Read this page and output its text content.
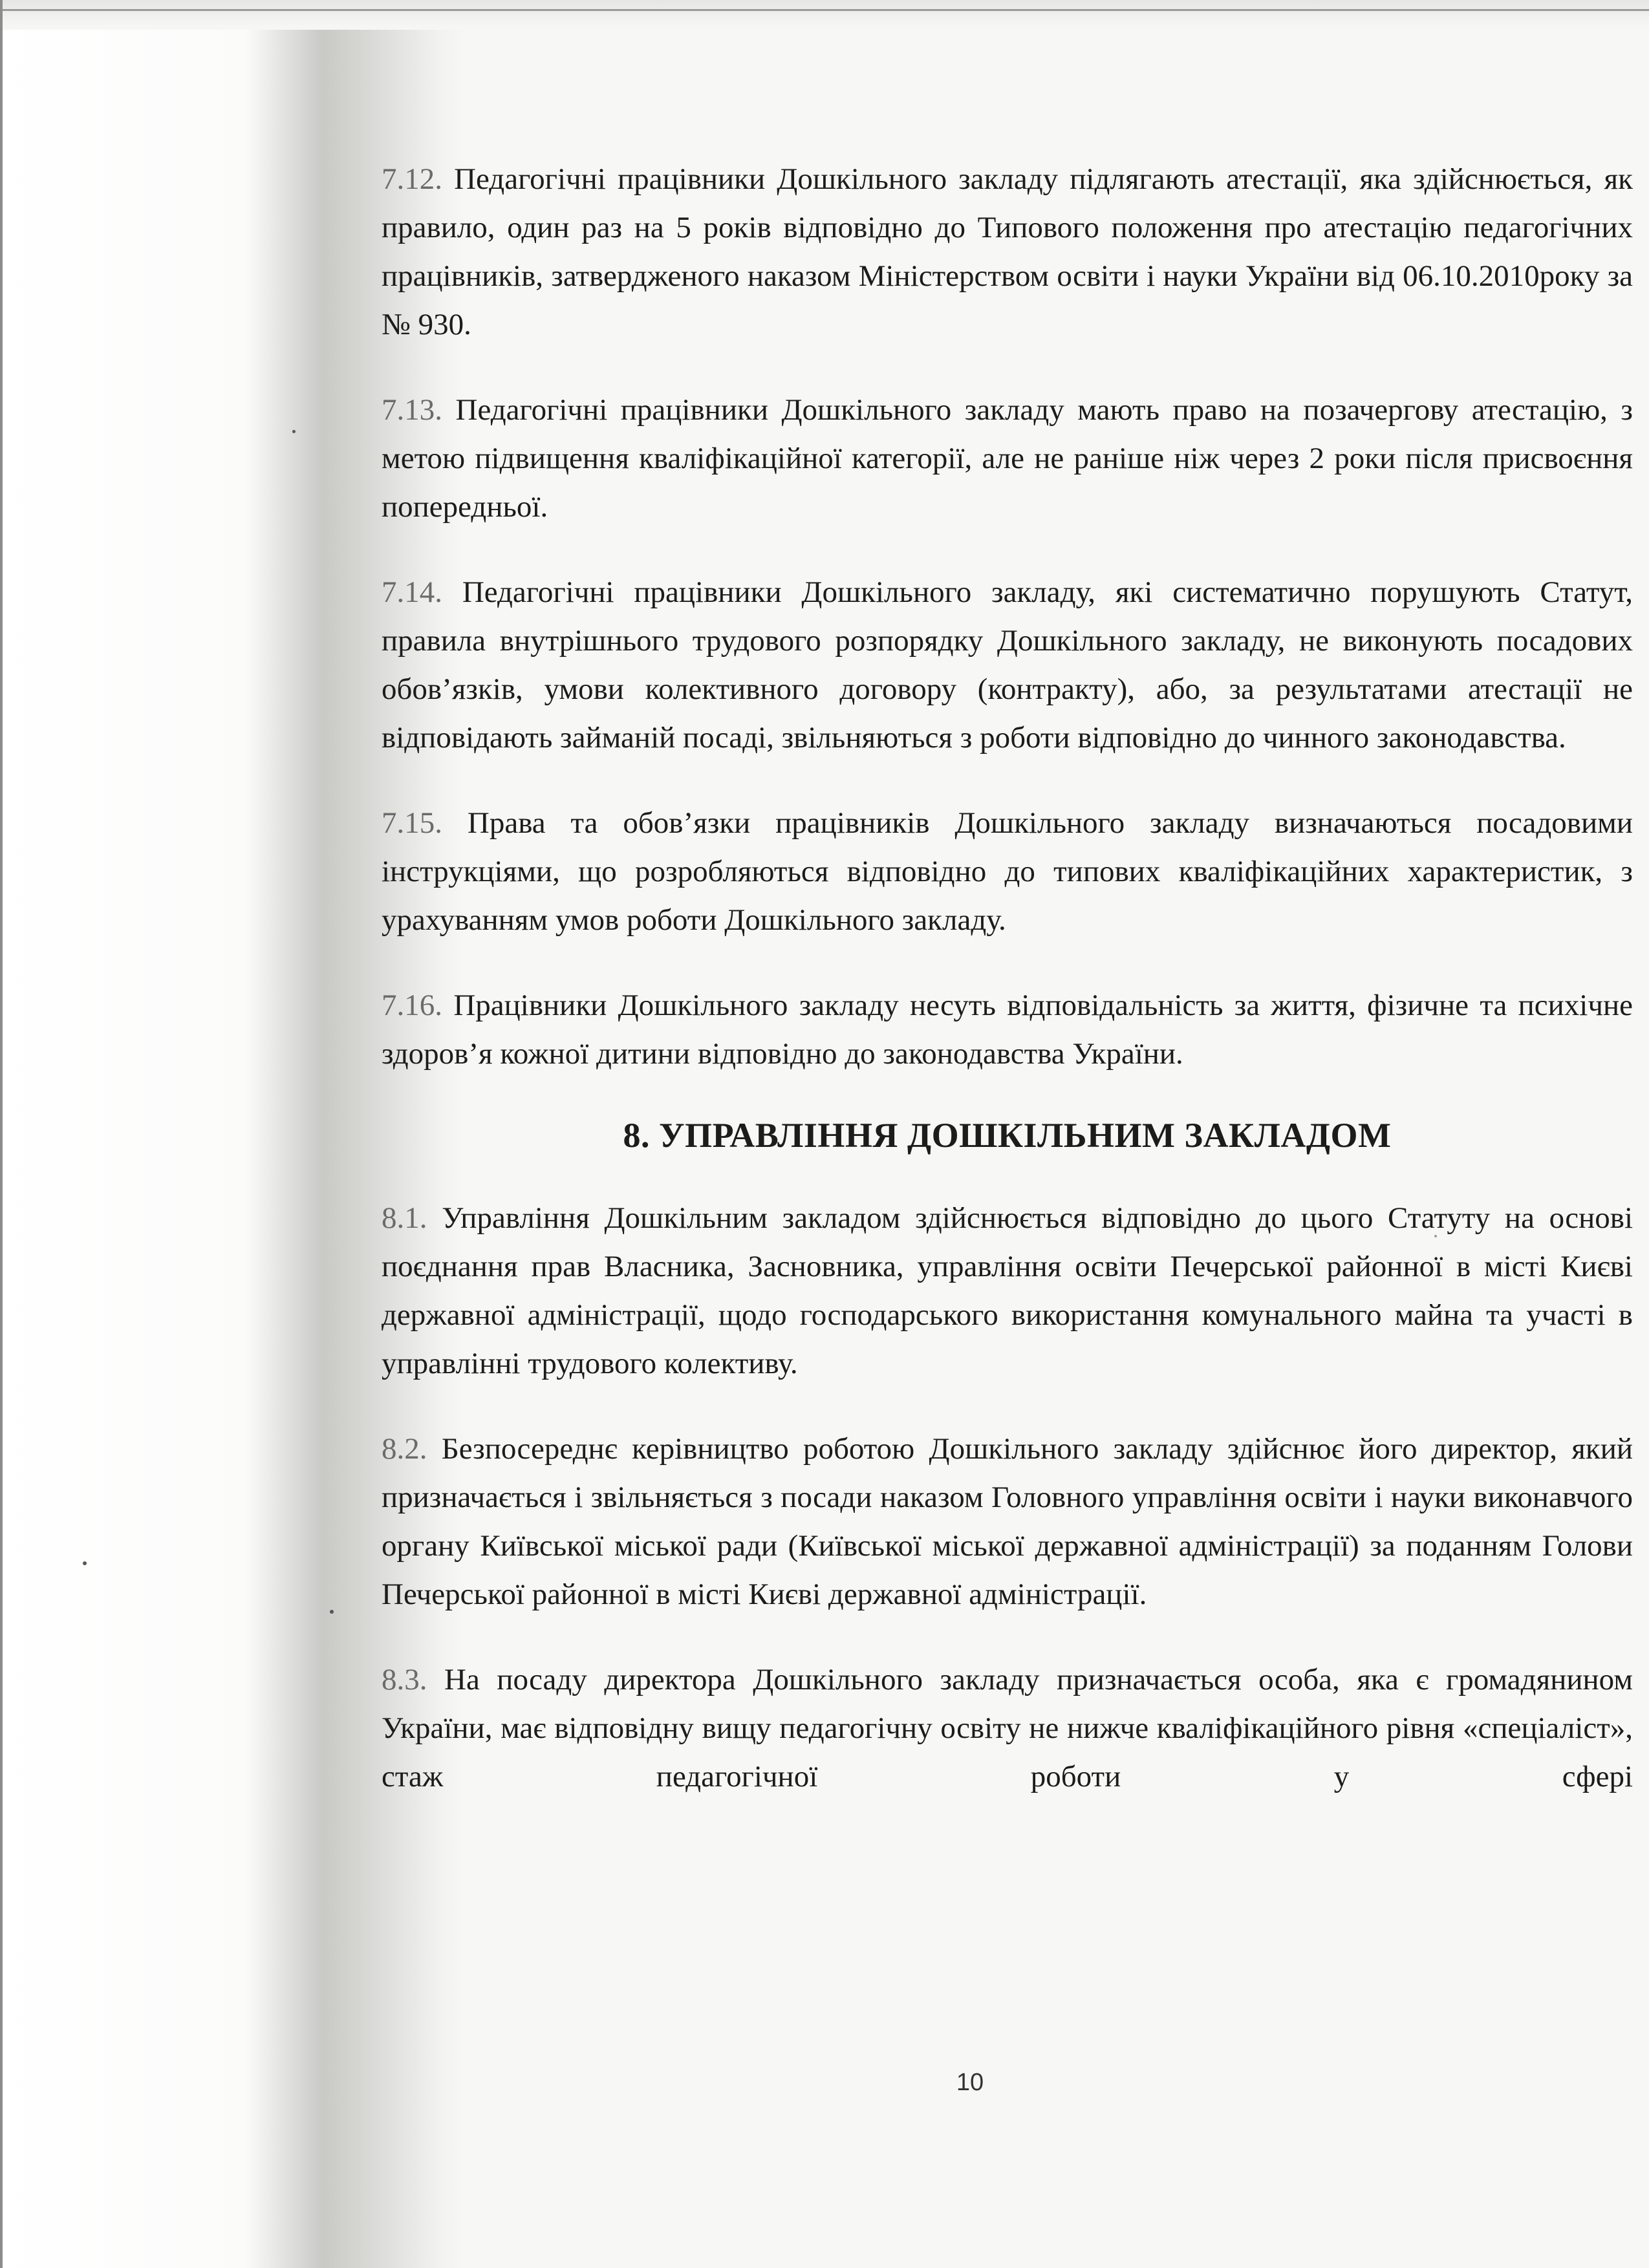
7.12. Педагогічні працівники Дошкільного закладу підлягають атестації, яка здійснюється, як правило, один раз на 5 років відповідно до Типового положення про атестацію педагогічних працівників, затвердженого наказом Міністерством освіти і науки України від 06.10.2010року за № 930.

7.13. Педагогічні працівники Дошкільного закладу мають право на позачергову атестацію, з метою підвищення кваліфікаційної категорії, але не раніше ніж через 2 роки після присвоєння попередньої.

7.14. Педагогічні працівники Дошкільного закладу, які систематично порушують Статут, правила внутрішнього трудового розпорядку Дошкільного закладу, не виконують посадових обов’язків, умови колективного договору (контракту), або, за результатами атестації не відповідають займаній посаді, звільняються з роботи відповідно до чинного законодавства.

7.15. Права та обов’язки працівників Дошкільного закладу визначаються посадовими інструкціями, що розробляються відповідно до типових кваліфікаційних характеристик, з урахуванням умов роботи Дошкільного закладу.

7.16. Працівники Дошкільного закладу несуть відповідальність за життя, фізичне та психічне здоров’я кожної дитини відповідно до законодавства України.

8. УПРАВЛІННЯ ДОШКІЛЬНИМ ЗАКЛАДОМ

8.1. Управління Дошкільним закладом здійснюється відповідно до цього Статуту на основі поєднання прав Власника, Засновника, управління освіти Печерської районної в місті Києві державної адміністрації, щодо господарського використання комунального майна та участі в управлінні трудового колективу.

8.2. Безпосереднє керівництво роботою Дошкільного закладу здійснює його директор, який призначається і звільняється з посади наказом Головного управління освіти і науки виконавчого органу Київської міської ради (Київської міської державної адміністрації) за поданням Голови Печерської районної в місті Києві державної адміністрації.

8.3. На посаду директора Дошкільного закладу призначається особа, яка є громадянином України, має відповідну вищу педагогічну освіту не нижче кваліфікаційного рівня «спеціаліст», стаж педагогічної роботи у сфері

10
